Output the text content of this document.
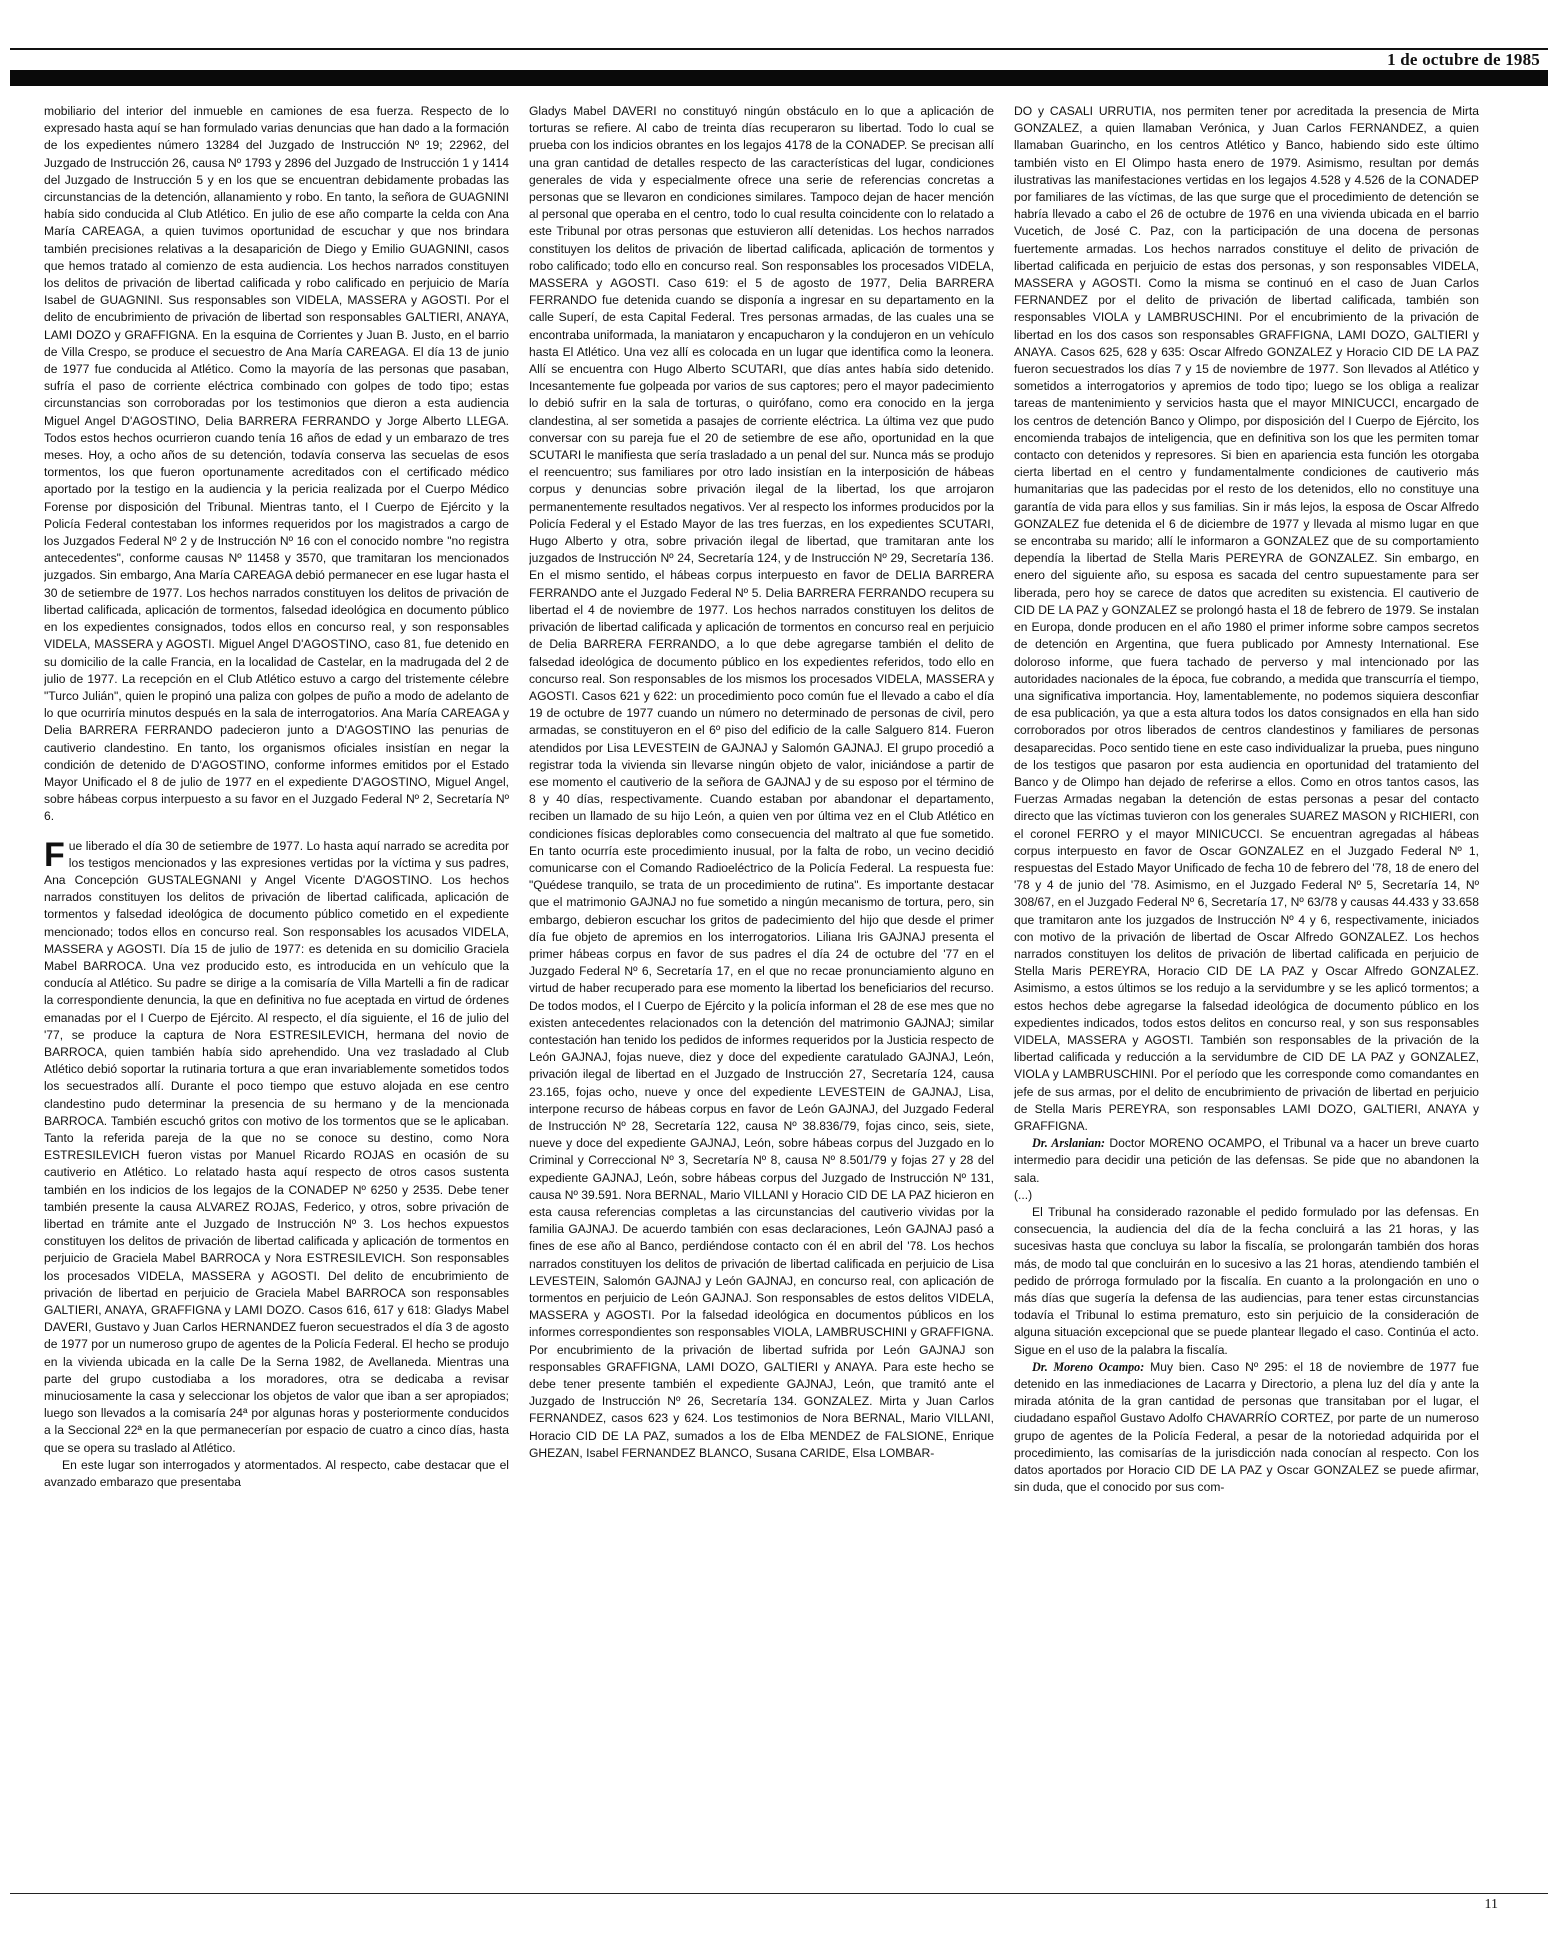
1 de octubre de 1985

mobiliario del interior del inmueble en camiones de esa fuerza. Respecto de lo expresado hasta aquí se han formulado varias denuncias que han dado a la formación de los expedientes número 13284 del Juzgado de Instrucción Nº 19; 22962, del Juzgado de Instrucción 26, causa Nº 1793 y 2896 del Juzgado de Instrucción 1 y 1414 del Juzgado de Instrucción 5 y en los que se encuentran debidamente probadas las circunstancias de la detención, allanamiento y robo. En tanto, la señora de GUAGNINI había sido conducida al Club Atlético. En julio de ese año comparte la celda con Ana María CAREAGA, a quien tuvimos oportunidad de escuchar y que nos brindara también precisiones relativas a la desaparición de Diego y Emilio GUAGNINI, casos que hemos tratado al comienzo de esta audiencia. Los hechos narrados constituyen los delitos de privación de libertad calificada y robo calificado en perjuicio de María Isabel de GUAGNINI. Sus responsables son VIDELA, MASSERA y AGOSTI. Por el delito de encubrimiento de privación de libertad son responsables GALTIERI, ANAYA, LAMI DOZO y GRAFFIGNA. En la esquina de Corrientes y Juan B. Justo, en el barrio de Villa Crespo, se produce el secuestro de Ana María CAREAGA. El día 13 de junio de 1977 fue conducida al Atlético. Como la mayoría de las personas que pasaban, sufría el paso de corriente eléctrica combinado con golpes de todo tipo; estas circunstancias son corroboradas por los testimonios que dieron a esta audiencia Miguel Angel D'AGOSTINO, Delia BARRERA FERRANDO y Jorge Alberto LLEGA. Todos estos hechos ocurrieron cuando tenía 16 años de edad y un embarazo de tres meses. Hoy, a ocho años de su detención, todavía conserva las secuelas de esos tormentos, los que fueron oportunamente acreditados con el certificado médico aportado por la testigo en la audiencia y la pericia realizada por el Cuerpo Médico Forense por disposición del Tribunal. Mientras tanto, el I Cuerpo de Ejército y la Policía Federal contestaban los informes requeridos por los magistrados a cargo de los Juzgados Federal Nº 2 y de Instrucción Nº 16 con el conocido nombre "no registra antecedentes", conforme causas Nº 11458 y 3570, que tramitaran los mencionados juzgados. Sin embargo, Ana María CAREAGA debió permanecer en ese lugar hasta el 30 de setiembre de 1977. Los hechos narrados constituyen los delitos de privación de libertad calificada, aplicación de tormentos, falsedad ideológica en documento público en los expedientes consignados, todos ellos en concurso real, y son responsables VIDELA, MASSERA y AGOSTI. Miguel Angel D'AGOSTINO, caso 81, fue detenido en su domicilio de la calle Francia, en la localidad de Castelar, en la madrugada del 2 de julio de 1977. La recepción en el Club Atlético estuvo a cargo del tristemente célebre "Turco Julián", quien le propinó una paliza con golpes de puño a modo de adelanto de lo que ocurriría minutos después en la sala de interrogatorios. Ana María CAREAGA y Delia BARRERA FERRANDO padecieron junto a D'AGOSTINO las penurias de cautiverio clandestino. En tanto, los organismos oficiales insistían en negar la condición de detenido de D'AGOSTINO, conforme informes emitidos por el Estado Mayor Unificado el 8 de julio de 1977 en el expediente D'AGOSTINO, Miguel Angel, sobre hábeas corpus interpuesto a su favor en el Juzgado Federal Nº 2, Secretaría Nº 6.

Fue liberado el día 30 de setiembre de 1977. Lo hasta aquí narrado se acredita por los testigos mencionados y las expresiones vertidas por la víctima y sus padres, Ana Concepción GUSTALEGNANI y Angel Vicente D'AGOSTINO. Los hechos narrados constituyen los delitos de privación de libertad calificada, aplicación de tormentos y falsedad ideológica de documento público cometido en el expediente mencionado; todos ellos en concurso real. Son responsables los acusados VIDELA, MASSERA y AGOSTI. Día 15 de julio de 1977: es detenida en su domicilio Graciela Mabel BARROCA. Una vez producido esto, es introducida en un vehículo que la conducía al Atlético. Su padre se dirige a la comisaría de Villa Martelli a fin de radicar la correspondiente denuncia, la que en definitiva no fue aceptada en virtud de órdenes emanadas por el I Cuerpo de Ejército. Al respecto, el día siguiente, el 16 de julio del '77, se produce la captura de Nora ESTRESILEVICH, hermana del novio de BARROCA, quien también había sido aprehendido. Una vez trasladado al Club Atlético debió soportar la rutinaria tortura a que eran invariablemente sometidos todos los secuestrados allí. Durante el poco tiempo que estuvo alojada en ese centro clandestino pudo determinar la presencia de su hermano y de la mencionada BARROCA. También escuchó gritos con motivo de los tormentos que se le aplicaban. Tanto la referida pareja de la que no se conoce su destino, como Nora ESTRESILEVICH fueron vistas por Manuel Ricardo ROJAS en ocasión de su cautiverio en Atlético. Lo relatado hasta aquí respecto de otros casos sustenta también en los indicios de los legajos de la CONADEP Nº 6250 y 2535. Debe tener también presente la causa ALVAREZ ROJAS, Federico, y otros, sobre privación de libertad en trámite ante el Juzgado de Instrucción Nº 3. Los hechos expuestos constituyen los delitos de privación de libertad calificada y aplicación de tormentos en perjuicio de Graciela Mabel BARROCA y Nora ESTRESILEVICH. Son responsables los procesados VIDELA, MASSERA y AGOSTI. Del delito de encubrimiento de privación de libertad en perjuicio de Graciela Mabel BARROCA son responsables GALTIERI, ANAYA, GRAFFIGNA y LAMI DOZO. Casos 616, 617 y 618: Gladys Mabel DAVERI, Gustavo y Juan Carlos HERNANDEZ fueron secuestrados el día 3 de agosto de 1977 por un numeroso grupo de agentes de la Policía Federal. El hecho se produjo en la vivienda ubicada en la calle De la Serna 1982, de Avellaneda. Mientras una parte del grupo custodiaba a los moradores, otra se dedicaba a revisar minuciosamente la casa y seleccionar los objetos de valor que iban a ser apropiados; luego son llevados a la comisaría 24ª por algunas horas y posteriormente conducidos a la Seccional 22ª en la que permanecerían por espacio de cuatro a cinco días, hasta que se opera su traslado al Atlético.

En este lugar son interrogados y atormentados. Al respecto, cabe destacar que el avanzado embarazo que presentaba

Gladys Mabel DAVERI no constituyó ningún obstáculo en lo que a aplicación de torturas se refiere. Al cabo de treinta días recuperaron su libertad. Todo lo cual se prueba con los indicios obrantes en los legajos 4178 de la CONADEP. Se precisan allí una gran cantidad de detalles respecto de las características del lugar, condiciones generales de vida y especialmente ofrece una serie de referencias concretas a personas que se llevaron en condiciones similares. Tampoco dejan de hacer mención al personal que operaba en el centro, todo lo cual resulta coincidente con lo relatado a este Tribunal por otras personas que estuvieron allí detenidas. Los hechos narrados constituyen los delitos de privación de libertad calificada, aplicación de tormentos y robo calificado; todo ello en concurso real. Son responsables los procesados VIDELA, MASSERA y AGOSTI. Caso 619: el 5 de agosto de 1977, Delia BARRERA FERRANDO fue detenida cuando se disponía a ingresar en su departamento en la calle Superí, de esta Capital Federal. Tres personas armadas, de las cuales una se encontraba uniformada, la maniataron y encapucharon y la condujeron en un vehículo hasta El Atlético. Una vez allí es colocada en un lugar que identifica como la leonera. Allí se encuentra con Hugo Alberto SCUTARI, que días antes había sido detenido. Incesantemente fue golpeada por varios de sus captores; pero el mayor padecimiento lo debió sufrir en la sala de torturas, o quirófano, como era conocido en la jerga clandestina, al ser sometida a pasajes de corriente eléctrica. La última vez que pudo conversar con su pareja fue el 20 de setiembre de ese año, oportunidad en la que SCUTARI le manifiesta que sería trasladado a un penal del sur. Nunca más se produjo el reencuentro; sus familiares por otro lado insistían en la interposición de hábeas corpus y denuncias sobre privación ilegal de la libertad, los que arrojaron permanentemente resultados negativos. Ver al respecto los informes producidos por la Policía Federal y el Estado Mayor de las tres fuerzas, en los expedientes SCUTARI, Hugo Alberto y otra, sobre privación ilegal de libertad, que tramitaran ante los juzgados de Instrucción Nº 24, Secretaría 124, y de Instrucción Nº 29, Secretaría 136. En el mismo sentido, el hábeas corpus interpuesto en favor de DELIA BARRERA FERRANDO ante el Juzgado Federal Nº 5. Delia BARRERA FERRANDO recupera su libertad el 4 de noviembre de 1977. Los hechos narrados constituyen los delitos de privación de libertad calificada y aplicación de tormentos en concurso real en perjuicio de Delia BARRERA FERRANDO, a lo que debe agregarse también el delito de falsedad ideológica de documento público en los expedientes referidos, todo ello en concurso real. Son responsables de los mismos los procesados VIDELA, MASSERA y AGOSTI. Casos 621 y 622: un procedimiento poco común fue el llevado a cabo el día 19 de octubre de 1977 cuando un número no determinado de personas de civil, pero armadas, se constituyeron en el 6º piso del edificio de la calle Salguero 814. Fueron atendidos por Lisa LEVESTEIN de GAJNAJ y Salomón GAJNAJ. El grupo procedió a registrar toda la vivienda sin llevarse ningún objeto de valor, iniciándose a partir de ese momento el cautiverio de la señora de GAJNAJ y de su esposo por el término de 8 y 40 días, respectivamente. Cuando estaban por abandonar el departamento, reciben un llamado de su hijo León, a quien ven por última vez en el Club Atlético en condiciones físicas deplorables como consecuencia del maltrato al que fue sometido. En tanto ocurría este procedimiento inusual, por la falta de robo, un vecino decidió comunicarse con el Comando Radioeléctrico de la Policía Federal. La respuesta fue: "Quédese tranquilo, se trata de un procedimiento de rutina". Es importante destacar que el matrimonio GAJNAJ no fue sometido a ningún mecanismo de tortura, pero, sin embargo, debieron escuchar los gritos de padecimiento del hijo que desde el primer día fue objeto de apremios en los interrogatorios. Liliana Iris GAJNAJ presenta el primer hábeas corpus en favor de sus padres el día 24 de octubre del '77 en el Juzgado Federal Nº 6, Secretaría 17, en el que no recae pronunciamiento alguno en virtud de haber recuperado para ese momento la libertad los beneficiarios del recurso. De todos modos, el I Cuerpo de Ejército y la policía informan el 28 de ese mes que no existen antecedentes relacionados con la detención del matrimonio GAJNAJ; similar contestación han tenido los pedidos de informes requeridos por la Justicia respecto de León GAJNAJ, fojas nueve, diez y doce del expediente caratulado GAJNAJ, León, privación ilegal de libertad en el Juzgado de Instrucción 27, Secretaría 124, causa 23.165, fojas ocho, nueve y once del expediente LEVESTEIN de GAJNAJ, Lisa, interpone recurso de hábeas corpus en favor de León GAJNAJ, del Juzgado Federal de Instrucción Nº 28, Secretaría 122, causa Nº 38.836/79, fojas cinco, seis, siete, nueve y doce del expediente GAJNAJ, León, sobre hábeas corpus del Juzgado en lo Criminal y Correccional Nº 3, Secretaría Nº 8, causa Nº 8.501/79 y fojas 27 y 28 del expediente GAJNAJ, León, sobre hábeas corpus del Juzgado de Instrucción Nº 131, causa Nº 39.591. Nora BERNAL, Mario VILLANI y Horacio CID DE LA PAZ hicieron en esta causa referencias completas a las circunstancias del cautiverio vividas por la familia GAJNAJ. De acuerdo también con esas declaraciones, León GAJNAJ pasó a fines de ese año al Banco, perdiéndose contacto con él en abril del '78. Los hechos narrados constituyen los delitos de privación de libertad calificada en perjuicio de Lisa LEVESTEIN, Salomón GAJNAJ y León GAJNAJ, en concurso real, con aplicación de tormentos en perjuicio de León GAJNAJ. Son responsables de estos delitos VIDELA, MASSERA y AGOSTI. Por la falsedad ideológica en documentos públicos en los informes correspondientes son responsables VIOLA, LAMBRUSCHINI y GRAFFIGNA. Por encubrimiento de la privación de libertad sufrida por León GAJNAJ son responsables GRAFFIGNA, LAMI DOZO, GALTIERI y ANAYA. Para este hecho se debe tener presente también el expediente GAJNAJ, León, que tramitó ante el Juzgado de Instrucción Nº 26, Secretaría 134. GONZALEZ. Mirta y Juan Carlos FERNANDEZ, casos 623 y 624. Los testimonios de Nora BERNAL, Mario VILLANI, Horacio CID DE LA PAZ, sumados a los de Elba MENDEZ de FALSIONE, Enrique GHEZAN, Isabel FERNANDEZ BLANCO, Susana CARIDE, Elsa LOMBAR-

DO y CASALI URRUTIA, nos permiten tener por acreditada la presencia de Mirta GONZALEZ, a quien llamaban Verónica, y Juan Carlos FERNANDEZ, a quien llamaban Guarincho, en los centros Atlético y Banco, habiendo sido este último también visto en El Olimpo hasta enero de 1979. Asimismo, resultan por demás ilustrativas las manifestaciones vertidas en los legajos 4.528 y 4.526 de la CONADEP por familiares de las víctimas, de las que surge que el procedimiento de detención se habría llevado a cabo el 26 de octubre de 1976 en una vivienda ubicada en el barrio Vucetich, de José C. Paz, con la participación de una docena de personas fuertemente armadas. Los hechos narrados constituye el delito de privación de libertad calificada en perjuicio de estas dos personas, y son responsables VIDELA, MASSERA y AGOSTI. Como la misma se continuó en el caso de Juan Carlos FERNANDEZ por el delito de privación de libertad calificada, también son responsables VIOLA y LAMBRUSCHINI. Por el encubrimiento de la privación de libertad en los dos casos son responsables GRAFFIGNA, LAMI DOZO, GALTIERI y ANAYA. Casos 625, 628 y 635: Oscar Alfredo GONZALEZ y Horacio CID DE LA PAZ fueron secuestrados los días 7 y 15 de noviembre de 1977. Son llevados al Atlético y sometidos a interrogatorios y apremios de todo tipo; luego se los obliga a realizar tareas de mantenimiento y servicios hasta que el mayor MINICUCCI, encargado de los centros de detención Banco y Olimpo, por disposición del I Cuerpo de Ejército, los encomienda trabajos de inteligencia, que en definitiva son los que les permiten tomar contacto con detenidos y represores. Si bien en apariencia esta función les otorgaba cierta libertad en el centro y fundamentalmente condiciones de cautiverio más humanitarias que las padecidas por el resto de los detenidos, ello no constituye una garantía de vida para ellos y sus familias. Sin ir más lejos, la esposa de Oscar Alfredo GONZALEZ fue detenida el 6 de diciembre de 1977 y llevada al mismo lugar en que se encontraba su marido; allí le informaron a GONZALEZ que de su comportamiento dependía la libertad de Stella Maris PEREYRA de GONZALEZ. Sin embargo, en enero del siguiente año, su esposa es sacada del centro supuestamente para ser liberada, pero hoy se carece de datos que acrediten su existencia. El cautiverio de CID DE LA PAZ y GONZALEZ se prolongó hasta el 18 de febrero de 1979. Se instalan en Europa, donde producen en el año 1980 el primer informe sobre campos secretos de detención en Argentina, que fuera publicado por Amnesty International. Ese doloroso informe, que fuera tachado de perverso y mal intencionado por las autoridades nacionales de la época, fue cobrando, a medida que transcurría el tiempo, una significativa importancia. Hoy, lamentablemente, no podemos siquiera desconfiar de esa publicación, ya que a esta altura todos los datos consignados en ella han sido corroborados por otros liberados de centros clandestinos y familiares de personas desaparecidas. Poco sentido tiene en este caso individualizar la prueba, pues ninguno de los testigos que pasaron por esta audiencia en oportunidad del tratamiento del Banco y de Olimpo han dejado de referirse a ellos. Como en otros tantos casos, las Fuerzas Armadas negaban la detención de estas personas a pesar del contacto directo que las víctimas tuvieron con los generales SUAREZ MASON y RICHIERI, con el coronel FERRO y el mayor MINICUCCI. Se encuentran agregadas al hábeas corpus interpuesto en favor de Oscar GONZALEZ en el Juzgado Federal Nº 1, respuestas del Estado Mayor Unificado de fecha 10 de febrero del '78, 18 de enero del '78 y 4 de junio del '78. Asimismo, en el Juzgado Federal Nº 5, Secretaría 14, Nº 308/67, en el Juzgado Federal Nº 6, Secretaría 17, Nº 63/78 y causas 44.433 y 33.658 que tramitaron ante los juzgados de Instrucción Nº 4 y 6, respectivamente, iniciados con motivo de la privación de libertad de Oscar Alfredo GONZALEZ. Los hechos narrados constituyen los delitos de privación de libertad calificada en perjuicio de Stella Maris PEREYRA, Horacio CID DE LA PAZ y Oscar Alfredo GONZALEZ. Asimismo, a estos últimos se los redujo a la servidumbre y se les aplicó tormentos; a estos hechos debe agregarse la falsedad ideológica de documento público en los expedientes indicados, todos estos delitos en concurso real, y son sus responsables VIDELA, MASSERA y AGOSTI. También son responsables de la privación de la libertad calificada y reducción a la servidumbre de CID DE LA PAZ y GONZALEZ, VIOLA y LAMBRUSCHINI. Por el período que les corresponde como comandantes en jefe de sus armas, por el delito de encubrimiento de privación de libertad en perjuicio de Stella Maris PEREYRA, son responsables LAMI DOZO, GALTIERI, ANAYA y GRAFFIGNA.

Dr. Arslanian: Doctor MORENO OCAMPO, el Tribunal va a hacer un breve cuarto intermedio para decidir una petición de las defensas. Se pide que no abandonen la sala.

(...)

El Tribunal ha considerado razonable el pedido formulado por las defensas. En consecuencia, la audiencia del día de la fecha concluirá a las 21 horas, y las sucesivas hasta que concluya su labor la fiscalía, se prolongarán también dos horas más, de modo tal que concluirán en lo sucesivo a las 21 horas, atendiendo también el pedido de prórroga formulado por la fiscalía. En cuanto a la prolongación en uno o más días que sugería la defensa de las audiencias, para tener estas circunstancias todavía el Tribunal lo estima prematuro, esto sin perjuicio de la consideración de alguna situación excepcional que se puede plantear llegado el caso. Continúa el acto. Sigue en el uso de la palabra la fiscalía.

Dr. Moreno Ocampo: Muy bien. Caso Nº 295: el 18 de noviembre de 1977 fue detenido en las inmediaciones de Lacarra y Directorio, a plena luz del día y ante la mirada atónita de la gran cantidad de personas que transitaban por el lugar, el ciudadano español Gustavo Adolfo CHAVARRÍO CORTEZ, por parte de un numeroso grupo de agentes de la Policía Federal, a pesar de la notoriedad adquirida por el procedimiento, las comisarías de la jurisdicción nada conocían al respecto. Con los datos aportados por Horacio CID DE LA PAZ y Oscar GONZALEZ se puede afirmar, sin duda, que el conocido por sus com-

11
